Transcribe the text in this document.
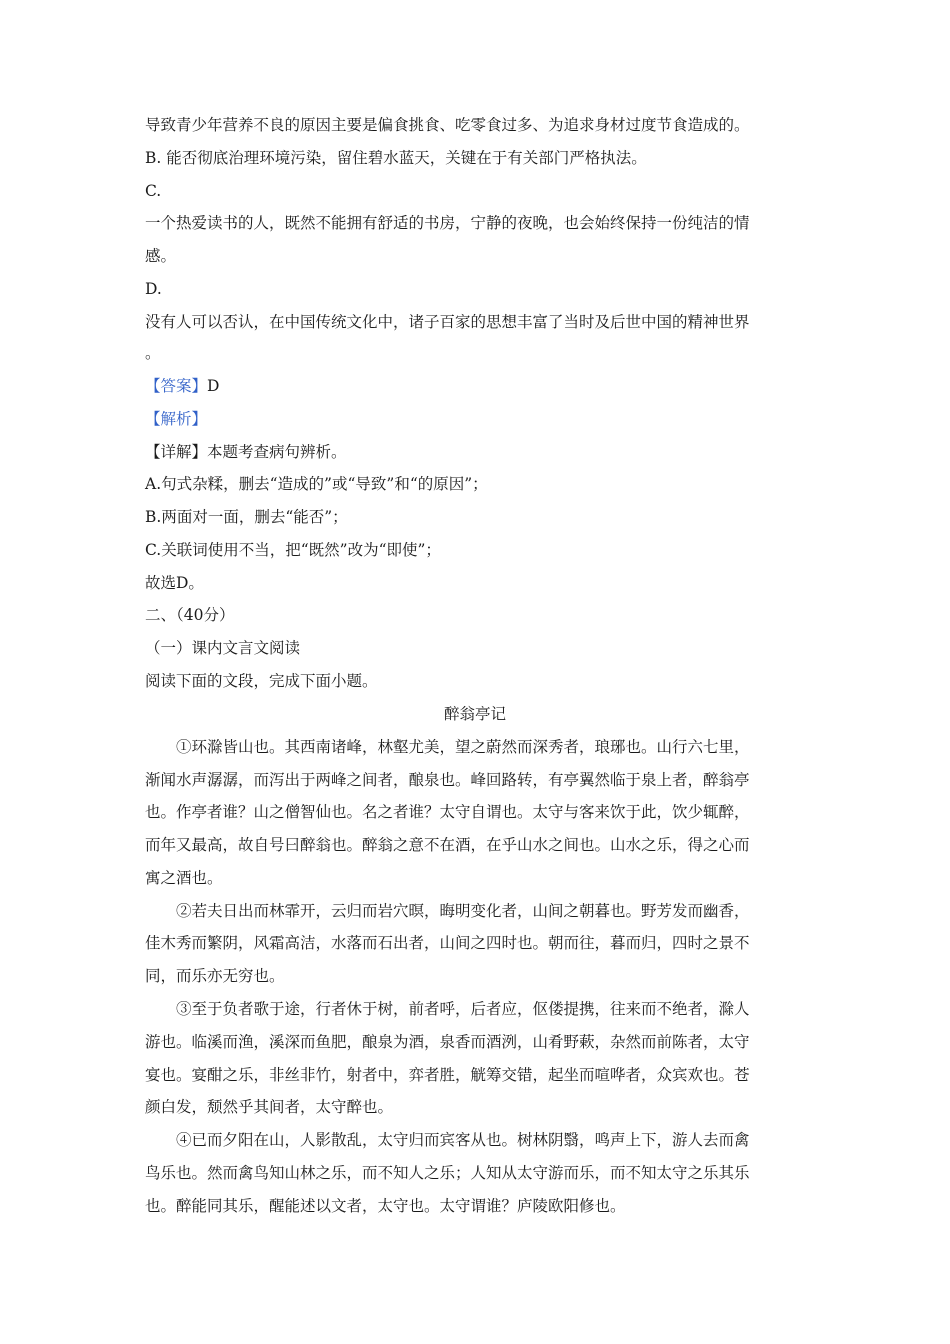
导致青少年营养不良的原因主要是偏食挑食、吃零食过多、为追求身材过度节食造成的。
B. 能否彻底治理环境污染，留住碧水蓝天，关键在于有关部门严格执法。
C.
一个热爱读书的人，既然不能拥有舒适的书房，宁静的夜晚，也会始终保持一份纯洁的情
感。
D.
没有人可以否认，在中国传统文化中，诸子百家的思想丰富了当时及后世中国的精神世界
。
【答案】D
【解析】
【详解】本题考查病句辨析。
A.句式杂糅，删去“造成的”或“导致”和“的原因”；
B.两面对一面，删去“能否”；
C.关联词使用不当，把“既然”改为“即使”；
故选D。
二、（40分）
（一）课内文言文阅读
阅读下面的文段，完成下面小题。
醉翁亭记
①环滁皆山也。其西南诸峰，林壑尤美，望之蔚然而深秀者，琅琊也。山行六七里，
渐闻水声潺潺，而泻出于两峰之间者，酿泉也。峰回路转，有亭翼然临于泉上者，醉翁亭
也。作亭者谁？山之僧智仙也。名之者谁？太守自谓也。太守与客来饮于此，饮少辄醉，
而年又最高，故自号曰醉翁也。醉翁之意不在酒，在乎山水之间也。山水之乐，得之心而
寓之酒也。
②若夫日出而林霏开，云归而岩穴暝，晦明变化者，山间之朝暮也。野芳发而幽香，
佳木秀而繁阴，风霜高洁，水落而石出者，山间之四时也。朝而往，暮而归，四时之景不
同，而乐亦无穷也。
③至于负者歌于途，行者休于树，前者呼，后者应，伛偻提携，往来而不绝者，滁人
游也。临溪而渔，溪深而鱼肥，酿泉为酒，泉香而酒洌，山肴野蔌，杂然而前陈者，太守
宴也。宴酣之乐，非丝非竹，射者中，弈者胜，觥筹交错，起坐而喧哗者，众宾欢也。苍
颜白发，颓然乎其间者，太守醉也。
④已而夕阳在山，人影散乱，太守归而宾客从也。树林阴翳，鸣声上下，游人去而禽
鸟乐也。然而禽鸟知山林之乐，而不知人之乐；人知从太守游而乐，而不知太守之乐其乐
也。醉能同其乐，醒能述以文者，太守也。太守谓谁？庐陵欧阳修也。
